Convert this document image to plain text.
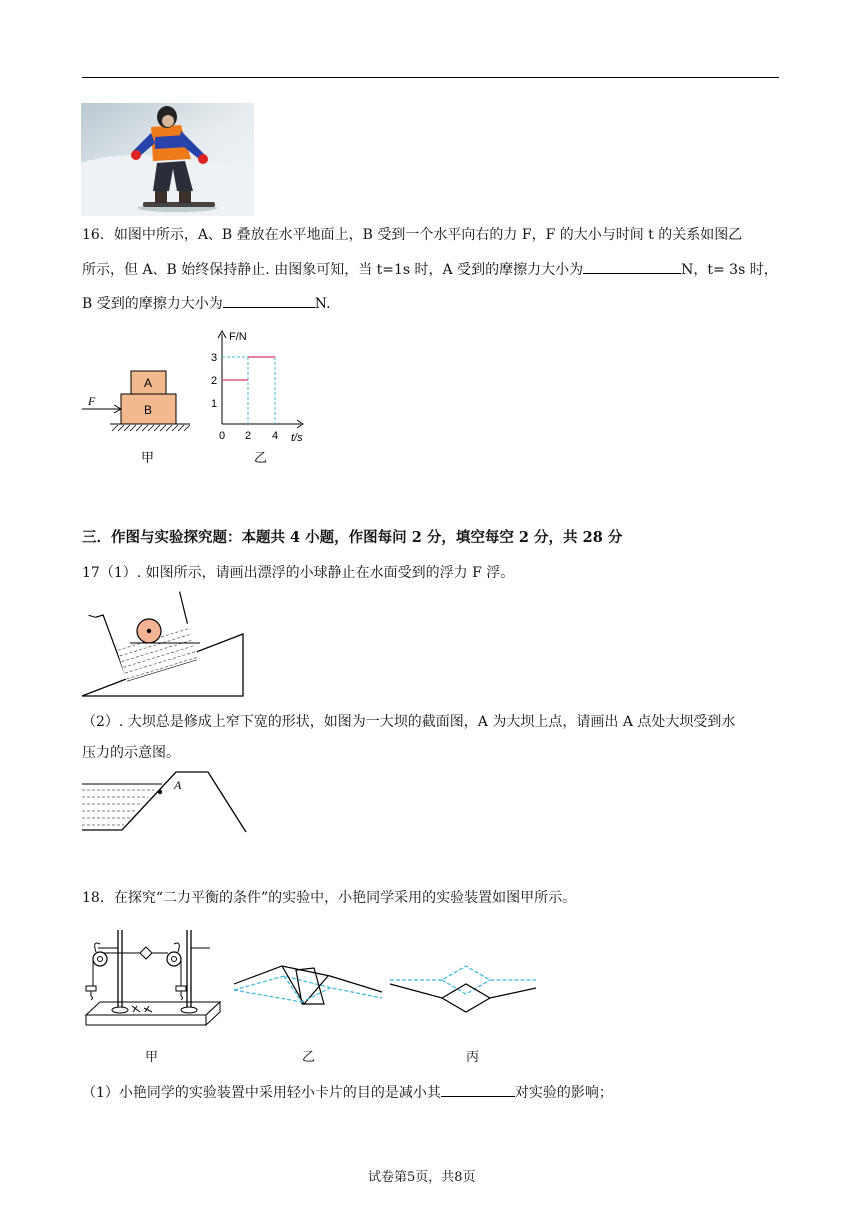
16．如图中所示，A、B 叠放在水平地面上，B 受到一个水平向右的力 F，F 的大小与时间 t 的关系如图乙
所示，但 A、B 始终保持静止. 由图象可知，当 t=1s 时，A 受到的摩擦力大小为	N，t= 3s 时，
B 受到的摩擦力大小为	N.
A
B
F
甲
F/N
t/s
3
2
1
0 2 4
乙
三．作图与实验探究题：本题共 4 小题，作图每问 2 分，填空每空 2 分，共 28 分
17（1）. 如图所示，请画出漂浮的小球静止在水面受到的浮力 F 浮。
（2）. 大坝总是修成上窄下宽的形状，如图为一大坝的截面图，A 为大坝上点，请画出 A 点处大坝受到水
压力的示意图。
A
18．在探究“二力平衡的条件”的实验中，小艳同学采用的实验装置如图甲所示。
甲	乙	丙
（1）小艳同学的实验装置中采用轻小卡片的目的是减小其	对实验的影响；
试卷第5页，共8页
